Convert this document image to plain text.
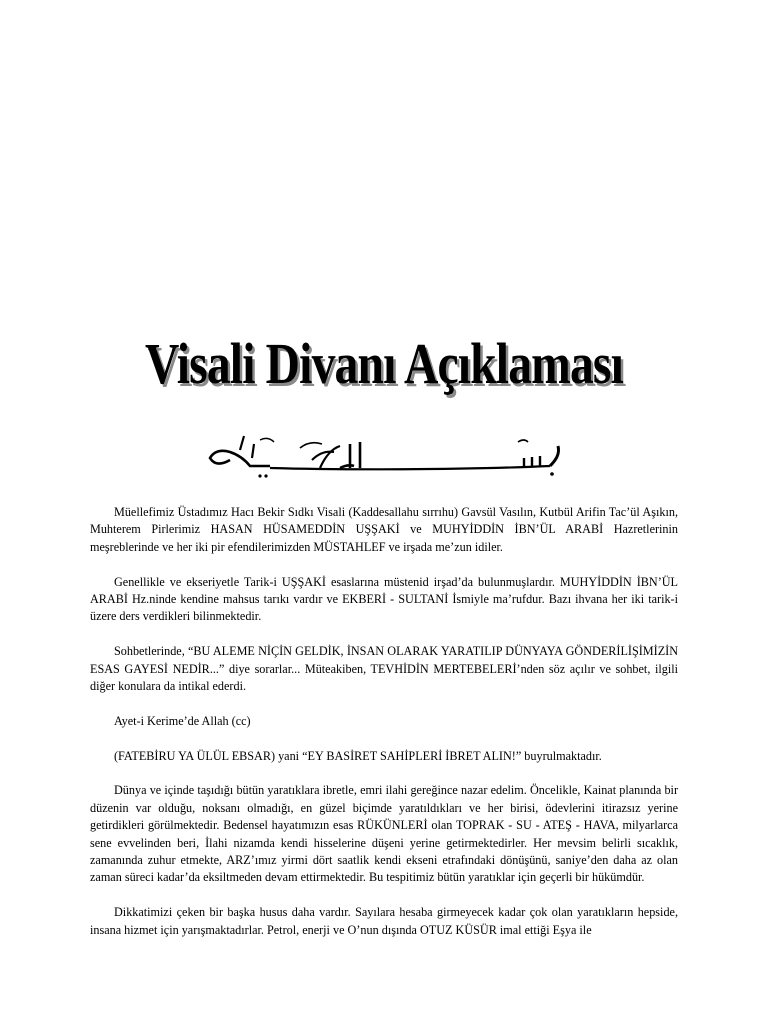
Visali Divanı Açıklaması

Müellefimiz Üstadımız Hacı Bekir Sıdkı Visali (Kaddesallahu sırrıhu) Gavsül Vasılın, Kutbül Arifin Tac’ül Aşıkın, Muhterem Pirlerimiz HASAN HÜSAMEDDİN UŞŞAKİ ve MUHYİDDİN İBN’ÜL ARABİ Hazretlerinin meşreblerinde ve her iki pir efendilerimizden MÜSTAHLEF ve irşada me’zun idiler.

Genellikle ve ekseriyetle Tarik-i UŞŞAKİ esaslarına müstenid irşad’da bulunmuşlardır. MUHYİDDİN İBN’ÜL ARABİ Hz.ninde kendine mahsus tarıkı vardır ve EKBERİ - SULTANİ İsmiyle ma’rufdur. Bazı ihvana her iki tarik-i üzere ders verdikleri bilinmektedir.

Sohbetlerinde, “BU ALEME NİÇİN GELDİK, İNSAN OLARAK YARATILIP DÜNYAYA GÖNDERİLİŞİMİZİN ESAS GAYESİ NEDİR...” diye sorarlar... Müteakiben, TEVHİDİN MERTEBELERİ’nden söz açılır ve sohbet, ilgili diğer konulara da intikal ederdi.

Ayet-i Kerime’de Allah (cc)

(FATEBİRU YA ÜLÜL EBSAR) yani “EY BASİRET SAHİPLERİ İBRET ALIN!” buyrulmaktadır.

Dünya ve içinde taşıdığı bütün yaratıklara ibretle, emri ilahi gereğince nazar edelim. Öncelikle, Kainat planında bir düzenin var olduğu, noksanı olmadığı, en güzel biçimde yaratıldıkları ve her birisi, ödevlerini itirazsız yerine getirdikleri görülmektedir. Bedensel hayatımızın esas RÜKÜNLERİ olan TOPRAK - SU - ATEŞ - HAVA, milyarlarca sene evvelinden beri, İlahi nizamda kendi hisselerine düşeni yerine getirmektedirler. Her mevsim belirli sıcaklık, zamanında zuhur etmekte, ARZ’ımız yirmi dört saatlik kendi ekseni etrafındaki dönüşünü, saniye’den daha az olan zaman süreci kadar’da eksiltmeden devam ettirmektedir. Bu tespitimiz bütün yaratıklar için geçerli bir hükümdür.

Dikkatimizi çeken bir başka husus daha vardır. Sayılara hesaba girmeyecek kadar çok olan yaratıkların hepside, insana hizmet için yarışmaktadırlar. Petrol, enerji ve O’nun dışında OTUZ KÜSÜR imal ettiği Eşya ile
